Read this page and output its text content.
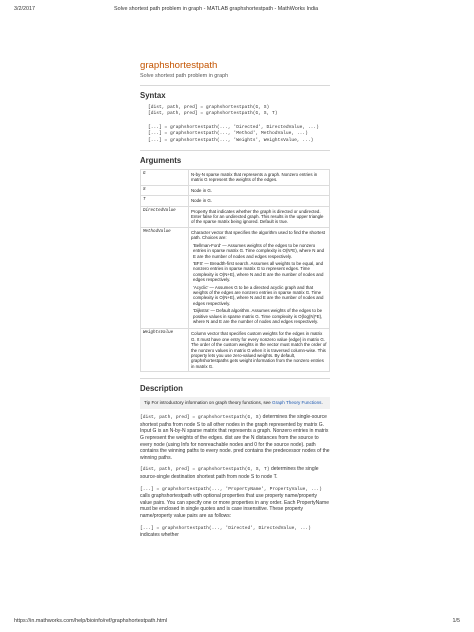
3/2/2017	Solve shortest path problem in graph - MATLAB graphshortestpath - MathWorks India
graphshortestpath
Solve shortest path problem in graph
Syntax
[dist, path, pred] = graphshortestpath(G, S)
[dist, path, pred] = graphshortestpath(G, S, T)
[...] = graphshortestpath(..., 'Directed', DirectedValue, ...)
[...] = graphshortestpath(..., 'Method', MethodValue, ...)
[...] = graphshortestpath(..., 'Weights', WeightsValue, ...)
Arguments
G	N-by-N sparse matrix that represents a graph. Nonzero entries in matrix G represent the weights of the edges.
S	Node in G.
T	Node in G.
DirectedValue	Property that indicates whether the graph is directed or undirected. Enter false for an undirected graph. This results in the upper triangle of the sparse matrix being ignored. Default is true.
MethodValue	Character vector that specifies the algorithm used to find the shortest path. Choices are:

'Bellman-Ford' — Assumes weights of the edges to be nonzero entries in sparse matrix G. Time complexity is O(N*E), where N and E are the number of nodes and edges respectively.

'BFS' — Breadth-first search. Assumes all weights to be equal, and nonzero entries in sparse matrix G to represent edges. Time complexity is O(N+E), where N and E are the number of nodes and edges respectively.

'Acyclic' — Assumes G to be a directed acyclic graph and that weights of the edges are nonzero entries in sparse matrix G. Time complexity is O(N+E), where N and E are the number of nodes and edges respectively.

'Dijkstra' — Default algorithm. Assumes weights of the edges to be positive values in sparse matrix G. Time complexity is O(log(N)*E), where N and E are the number of nodes and edges respectively.

WeightsValue	Column vector that specifies custom weights for the edges in matrix G. It must have one entry for every nonzero value (edge) in matrix G. The order of the custom weights in the vector must match the order of the nonzero values in matrix G when it is traversed column-wise. This property lets you use zero-valued weights. By default, graphshortestpaths gets weight information from the nonzero entries in matrix G.
Description
Tip For introductory information on graph theory functions, see Graph Theory Functions.

[dist, path, pred] = graphshortestpath(G, S) determines the single-source shortest paths from node S to all other nodes in the graph represented by matrix G. Input G is an N-by-N sparse matrix that represents a graph. Nonzero entries in matrix G represent the weights of the edges. dist are the N distances from the source to every node (using Infs for nonreachable nodes and 0 for the source node). path contains the winning paths to every node. pred contains the predecessor nodes of the winning paths.

[dist, path, pred] = graphshortestpath(G, S, T) determines the single source-single destination shortest path from node S to node T.

[...] = graphshortestpath(..., 'PropertyName', PropertyValue, ...) calls graphshortestpath with optional properties that use property name/property value pairs. You can specify one or more properties in any order. Each PropertyName must be enclosed in single quotes and is case insensitive. These property name/property value pairs are as follows:

[...] = graphshortestpath(..., 'Directed', DirectedValue, ...) indicates whether

https://in.mathworks.com/help/bioinfo/ref/graphshortestpath.html	1/5
